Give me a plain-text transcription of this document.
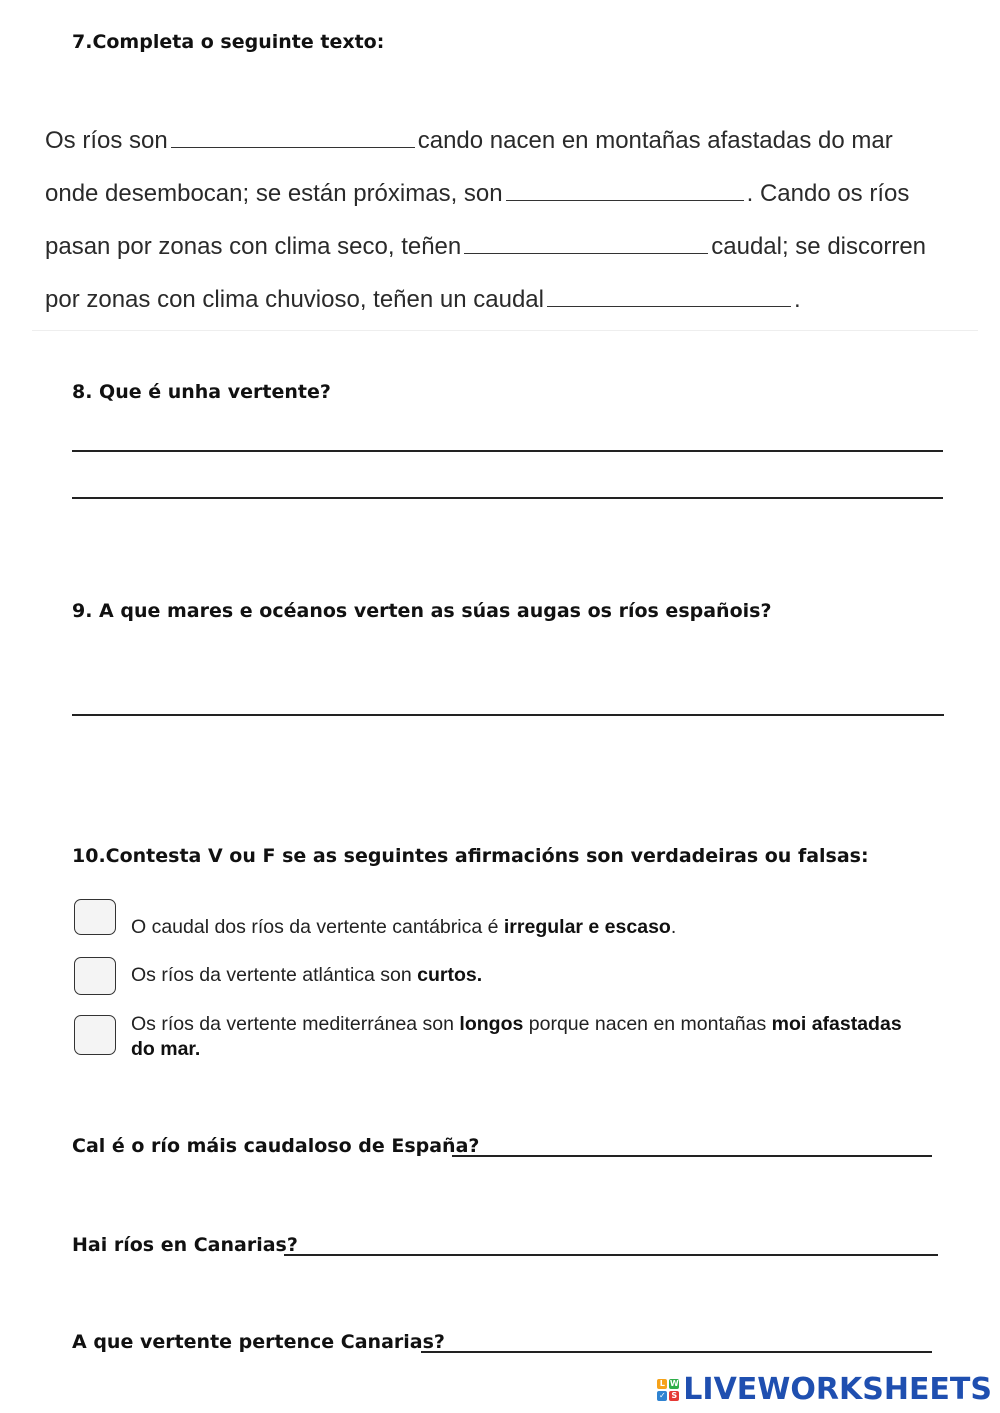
7.Completa o seguinte texto:
Os ríos son	cando nacen en montañas afastadas do mar
onde desembocan; se están próximas, son	. Cando os ríos
pasan por zonas con clima seco, teñen	caudal; se discorren
por zonas con clima chuvioso, teñen un caudal	.
8. Que é unha vertente?
9. A que mares e océanos verten as súas augas os ríos españois?
10.Contesta V ou F se as seguintes afirmacións son verdadeiras ou falsas:
O caudal dos ríos da vertente cantábrica é irregular e escaso.
Os ríos da vertente atlántica son curtos.
Os ríos da vertente mediterránea son longos porque nacen en montañas moi afastadas do mar.
Cal é o río máis caudaloso de España?
Hai ríos en Canarias?
A que vertente pertence Canarias?
L W
✓ S LIVEWORKSHEETS
